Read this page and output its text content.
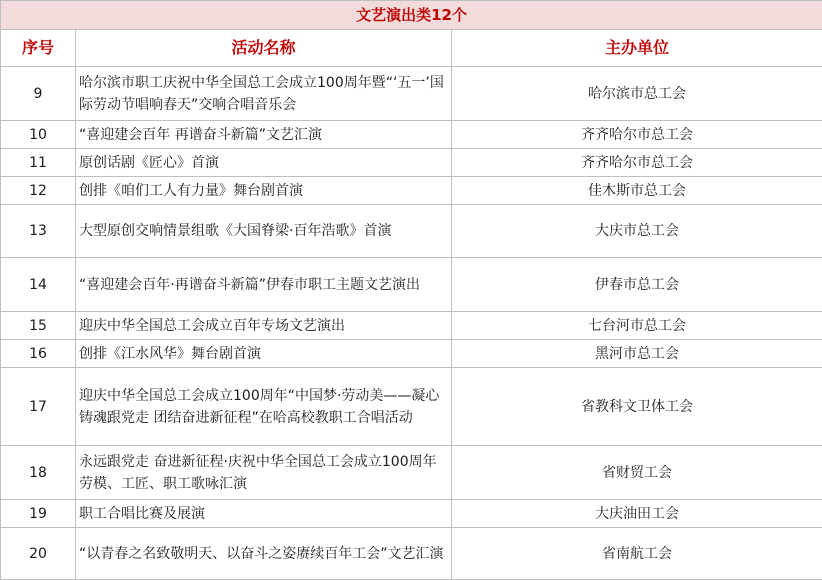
文艺演出类12个		
序号	活动名称	主办单位
9	哈尔滨市职工庆祝中华全国总工会成立100周年暨“‘五一’国际劳动节唱响春天”交响合唱音乐会	哈尔滨市总工会
10	“喜迎建会百年 再谱奋斗新篇”文艺汇演	齐齐哈尔市总工会
11	原创话剧《匠心》首演	齐齐哈尔市总工会
12	创排《咱们工人有力量》舞台剧首演	佳木斯市总工会
13	大型原创交响情景组歌《大国脊梁·百年浩歌》首演	大庆市总工会
14	“喜迎建会百年·再谱奋斗新篇”伊春市职工主题文艺演出	伊春市总工会
15	迎庆中华全国总工会成立百年专场文艺演出	七台河市总工会
16	创排《江水风华》舞台剧首演	黑河市总工会
17	迎庆中华全国总工会成立100周年“中国梦·劳动美——凝心铸魂跟党走 团结奋进新征程”在哈高校教职工合唱活动	省教科文卫体工会
18	永远跟党走 奋进新征程·庆祝中华全国总工会成立100周年 劳模、工匠、职工歌咏汇演	省财贸工会
19	职工合唱比赛及展演	大庆油田工会
20	“以青春之名致敬明天、以奋斗之姿赓续百年工会”文艺汇演	省南航工会
